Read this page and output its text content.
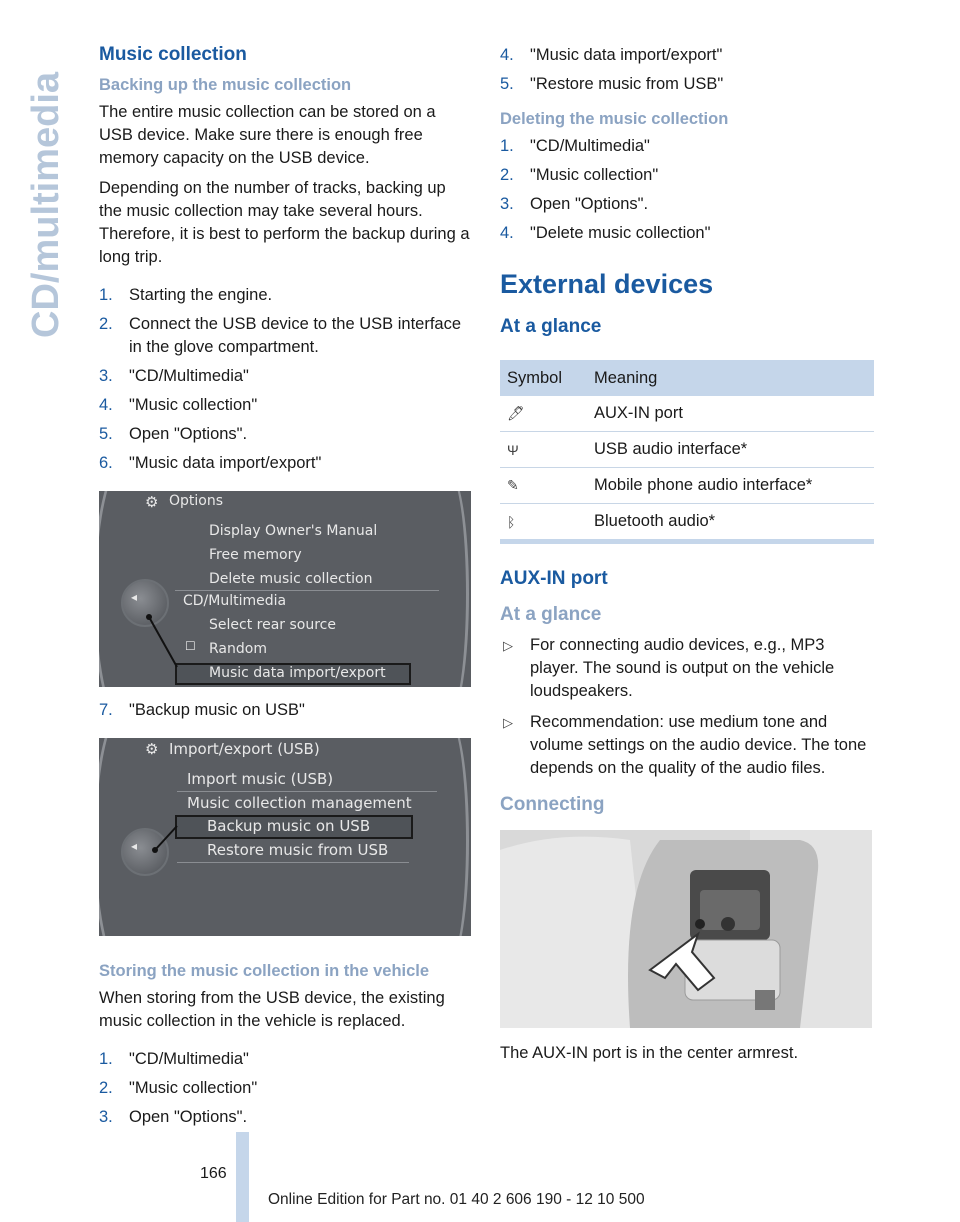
CD/multimedia
Music collection
Backing up the music collection

The entire music collection can be stored on a USB device. Make sure there is enough free memory capacity on the USB device.

Depending on the number of tracks, backing up the music collection may take several hours. Therefore, it is best to perform the backup during a long trip.

1. Starting the engine.
2. Connect the USB device to the USB interface in the glove compartment.
3. "CD/Multimedia"
4. "Music collection"
5. Open "Options".
6. "Music data import/export"
◂
⚙ Options
Display Owner's Manual
Free memory
Delete music collection
CD/Multimedia
Select rear source
☐ Random
Music data import/export
7. "Backup music on USB"
◂
⚙ Import/export (USB)
Import music (USB)
Music collection management
Backup music on USB
Restore music from USB
Storing the music collection in the vehicle

When storing from the USB device, the existing music collection in the vehicle is replaced.

1. "CD/Multimedia"
2. "Music collection"
3. Open "Options".
4. "Music data import/export"
5. "Restore music from USB"
Deleting the music collection
1. "CD/Multimedia"
2. "Music collection"
3. Open "Options".
4. "Delete music collection"
External devices
At a glance
Symbol	Meaning
🖊︎	AUX-IN port
Ψ	USB audio interface*
✎	Mobile phone audio interface*
ᛒ	Bluetooth audio*
AUX-IN port
At a glance
▷ For connecting audio devices, e.g., MP3 player. The sound is output on the vehicle loudspeakers.
▷ Recommendation: use medium tone and volume settings on the audio device. The tone depends on the quality of the audio files.
Connecting

The AUX-IN port is in the center armrest.

166
Online Edition for Part no. 01 40 2 606 190 - 12 10 500
